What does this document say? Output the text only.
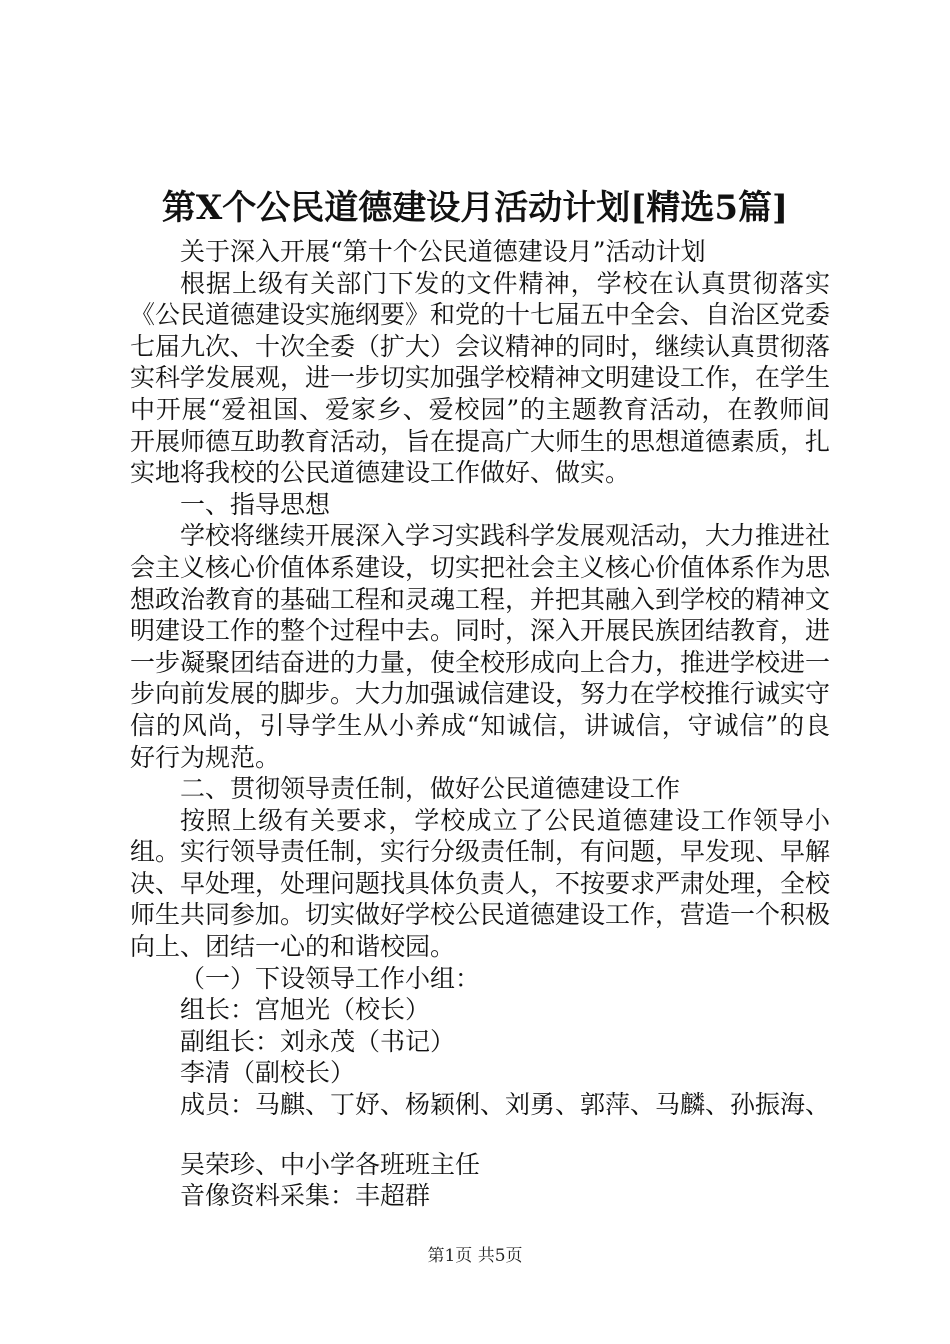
第X个公民道德建设月活动计划[精选5篇]

关于深入开展“第十个公民道德建设月”活动计划

根据上级有关部门下发的文件精神，学校在认真贯彻落实《公民道德建设实施纲要》和党的十七届五中全会、自治区党委七届九次、十次全委（扩大）会议精神的同时，继续认真贯彻落实科学发展观，进一步切实加强学校精神文明建设工作，在学生中开展“爱祖国、爱家乡、爱校园”的主题教育活动，在教师间开展师德互助教育活动，旨在提高广大师生的思想道德素质，扎实地将我校的公民道德建设工作做好、做实。

一、指导思想

学校将继续开展深入学习实践科学发展观活动，大力推进社会主义核心价值体系建设，切实把社会主义核心价值体系作为思想政治教育的基础工程和灵魂工程，并把其融入到学校的精神文明建设工作的整个过程中去。同时，深入开展民族团结教育，进一步凝聚团结奋进的力量，使全校形成向上合力，推进学校进一步向前发展的脚步。大力加强诚信建设，努力在学校推行诚实守信的风尚，引导学生从小养成“知诚信，讲诚信，守诚信”的良好行为规范。

二、贯彻领导责任制，做好公民道德建设工作

按照上级有关要求，学校成立了公民道德建设工作领导小组。实行领导责任制，实行分级责任制，有问题，早发现、早解决、早处理，处理问题找具体负责人，不按要求严肃处理，全校师生共同参加。切实做好学校公民道德建设工作，营造一个积极向上、团结一心的和谐校园。

（一）下设领导工作小组：

组长：宫旭光（校长）

副组长：刘永茂（书记）

李清（副校长）

成员：马麒、丁妤、杨颖俐、刘勇、郭萍、马麟、孙振海、

吴荣珍、中小学各班班主任

音像资料采集：丰超群

第1页 共5页
